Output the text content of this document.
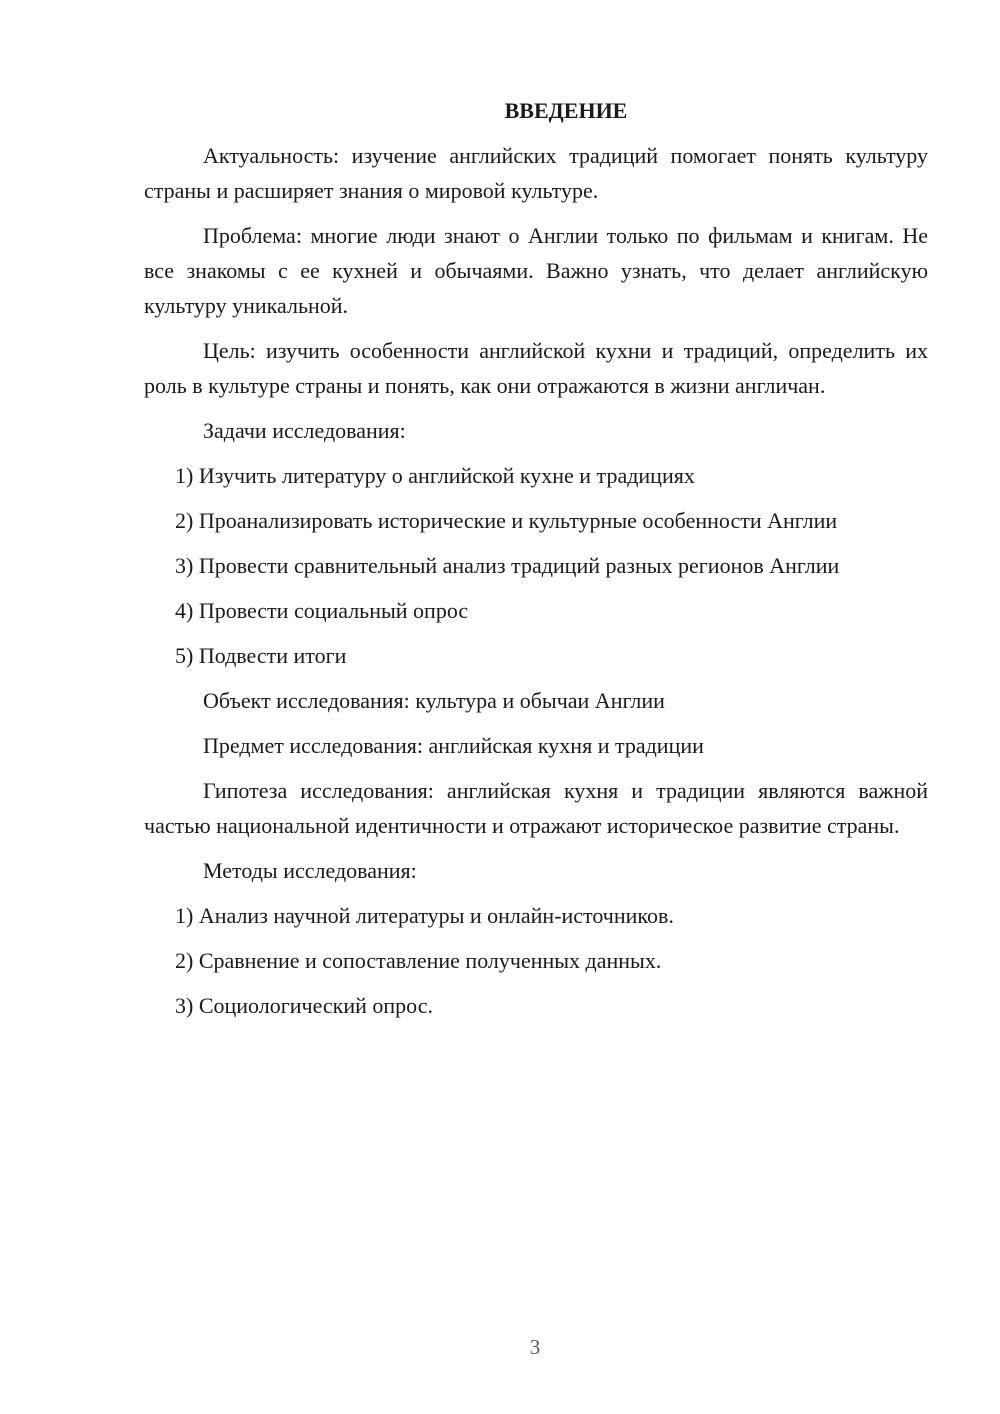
ВВЕДЕНИЕ

Актуальность: изучение английских традиций помогает понять культуру страны и расширяет знания о мировой культуре.

Проблема: многие люди знают о Англии только по фильмам и книгам. Не все знакомы с ее кухней и обычаями. Важно узнать, что делает английскую культуру уникальной.

Цель: изучить особенности английской кухни и традиций, определить их роль в культуре страны и понять, как они отражаются в жизни англичан.

Задачи исследования:
1) Изучить литературу о английской кухне и традициях
2) Проанализировать исторические и культурные особенности Англии
3) Провести сравнительный анализ традиций разных регионов Англии
4) Провести социальный опрос
5) Подвести итоги
Объект исследования: культура и обычаи Англии
Предмет исследования: английская кухня и традиции

Гипотеза исследования: английская кухня и традиции являются важной частью национальной идентичности и отражают историческое развитие страны.

Методы исследования:
1) Анализ научной литературы и онлайн-источников.
2) Сравнение и сопоставление полученных данных.
3) Социологический опрос.
3
